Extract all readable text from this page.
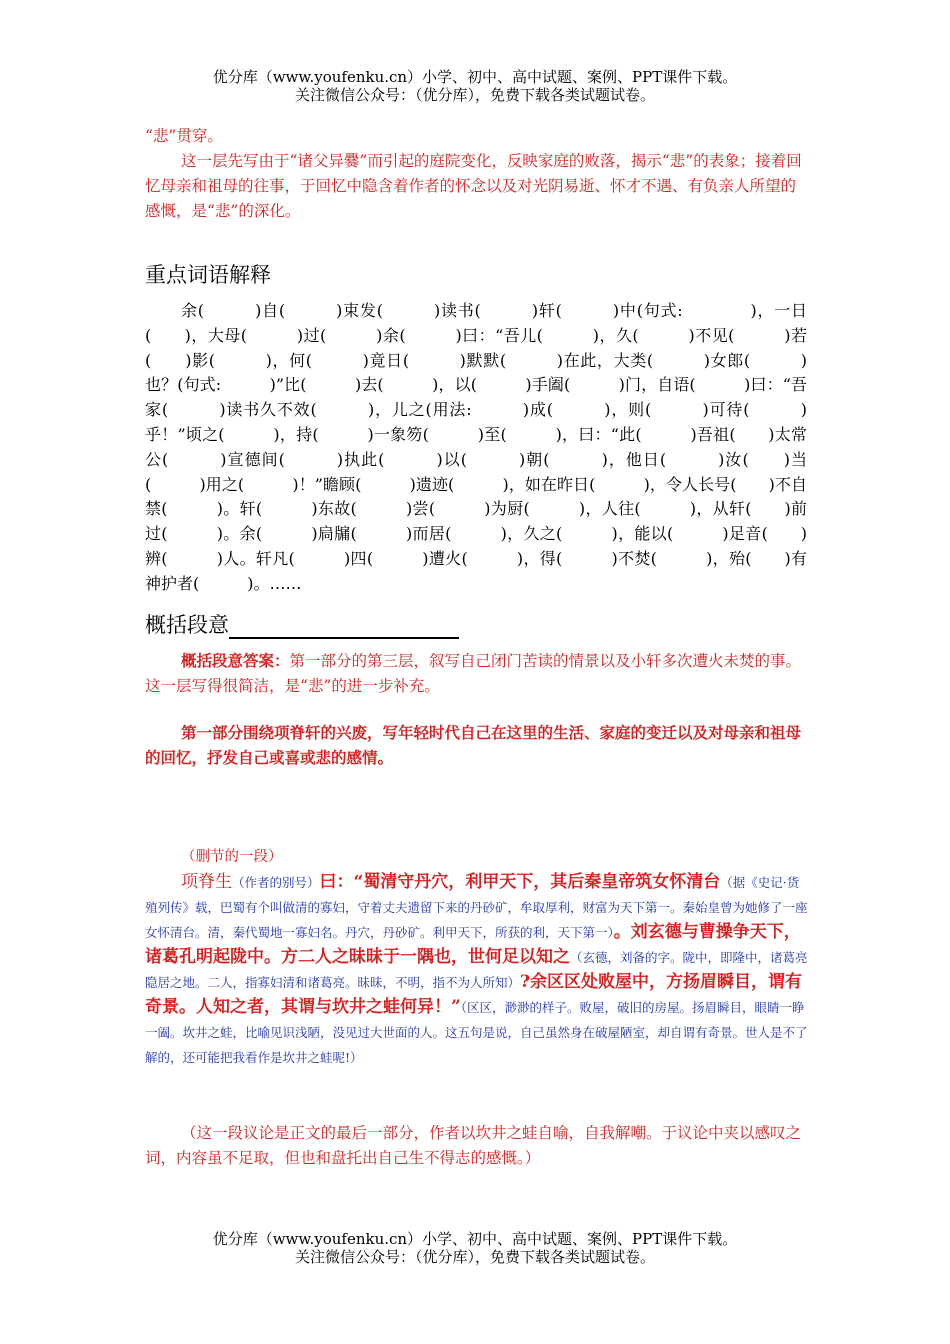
优分库（www.youfenku.cn）小学、初中、高中试题、案例、PPT课件下载。
关注微信公众号：（优分库），免费下载各类试题试卷。

“悲”贯穿。

这一层先写由于“诸父异爨”而引起的庭院变化，反映家庭的败落，揭示“悲”的表象；接着回忆母亲和祖母的往事，于回忆中隐含着作者的怀念以及对光阴易逝、怀才不遇、有负亲人所望的感慨，是“悲”的深化。

重点词语解释

余(　　　)自(　　　)束发(　　　)读书(　　　)轩(　　　)中(句式:　　　　)，一日(　　)，大母(　　　)过(　　　)余(　　　)曰：“吾儿(　　　)，久(　　　)不见(　　　)若(　　)影(　　　)，何(　　　)竟日(　　　)默默(　　　)在此，大类(　　　)女郎(　　　)也？(句式:　　　)”比(　　　)去(　　　)，以(　　　)手阖(　　　)门，自语(　　　)曰：“吾家(　　　)读书久不效(　　　)，儿之(用法:　　　)成(　　　)，则(　　　)可待(　　　)乎！”顷之(　　　)，持(　　　)一象笏(　　　)至(　　　)，曰：“此(　　　)吾祖(　　)太常公(　　　)宣德间(　　　)执此(　　　)以(　　　)朝(　　　)，他日(　　　)汝(　　)当(　　　)用之(　　　)！”瞻顾(　　　)遗迹(　　　)，如在昨日(　　　)，令人长号(　　)不自禁(　　　)。轩(　　　)东故(　　　)尝(　　　)为厨(　　　)，人往(　　　)，从轩(　　)前过(　　　)。余(　　　)扃牖(　　　)而居(　　　)，久之(　　　)，能以(　　　)足音(　　)辨(　　　)人。轩凡(　　　)四(　　　)遭火(　　　)，得(　　　)不焚(　　　)，殆(　　)有神护者(　　　)。……

概括段意

概括段意答案：第一部分的第三层，叙写自己闭门苦读的情景以及小轩多次遭火未焚的事。这一层写得很简洁，是“悲”的进一步补充。

第一部分围绕项脊轩的兴废，写年轻时代自己在这里的生活、家庭的变迁以及对母亲和祖母的回忆，抒发自己或喜或悲的感情。

（删节的一段）

项脊生（作者的别号）曰：“蜀清守丹穴，利甲天下，其后秦皇帝筑女怀清台（据《史记·货殖列传》载，巴蜀有个叫做清的寡妇，守着丈夫遗留下来的丹砂矿，牟取厚利，财富为天下第一。秦始皇曾为她修了一座女怀清台。清，秦代蜀地一寡妇名。丹穴，丹砂矿。利甲天下，所获的利，天下第一）。刘玄德与曹操争天下，诸葛孔明起陇中。方二人之昧昧于一隅也，世何足以知之（玄德，刘备的字。陇中，即隆中，诸葛亮隐居之地。二人，指寡妇清和诸葛亮。昧昧，不明，指不为人所知）?余区区处败屋中，方扬眉瞬目，谓有奇景。人知之者，其谓与坎井之蛙何异！”（区区，渺渺的样子。败屋，破旧的房屋。扬眉瞬目，眼睛一睁一阖。坎井之蛙，比喻见识浅陋，没见过大世面的人。这五句是说，自己虽然身在破屋陋室，却自谓有奇景。世人是不了解的，还可能把我看作是坎井之蛙呢!）

（这一段议论是正文的最后一部分，作者以坎井之蛙自喻，自我解嘲。于议论中夹以感叹之词，内容虽不足取，但也和盘托出自己生不得志的感慨。）

优分库（www.youfenku.cn）小学、初中、高中试题、案例、PPT课件下载。
关注微信公众号：（优分库），免费下载各类试题试卷。
